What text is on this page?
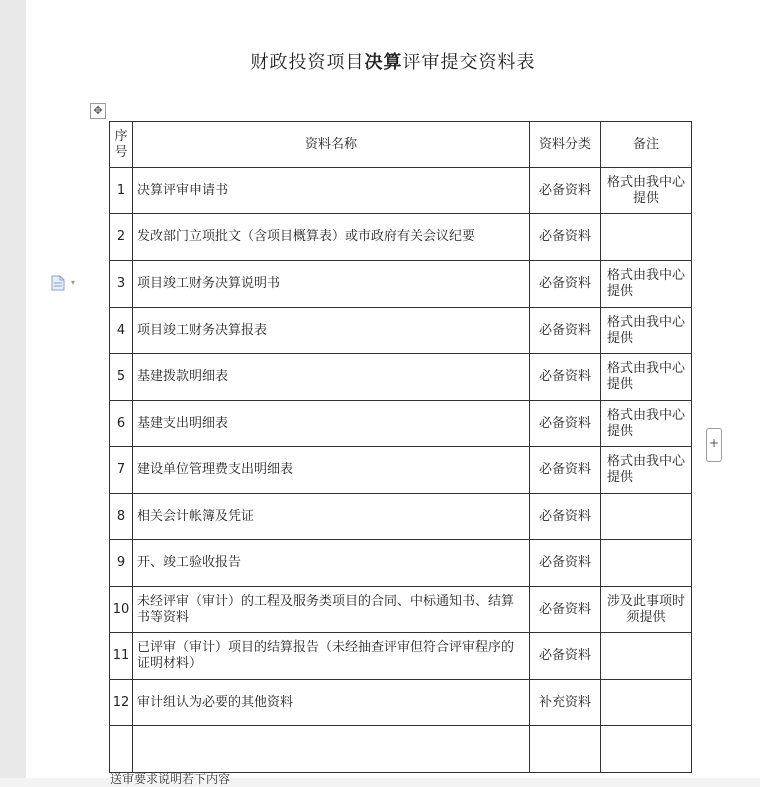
财政投资项目决算评审提交资料表
✥
▾
序号	资料名称	资料分类	备注
1	决算评审申请书	必备资料	格式由我中心提供
2	发改部门立项批文（含项目概算表）或市政府有关会议纪要	必备资料	
3	项目竣工财务决算说明书	必备资料	格式由我中心提供
4	项目竣工财务决算报表	必备资料	格式由我中心提供
5	基建拨款明细表	必备资料	格式由我中心提供
6	基建支出明细表	必备资料	格式由我中心提供
7	建设单位管理费支出明细表	必备资料	格式由我中心提供
8	相关会计帐簿及凭证	必备资料	
9	开、竣工验收报告	必备资料	
10	未经评审（审计）的工程及服务类项目的合同、中标通知书、结算书等资料	必备资料	涉及此事项时须提供
11	已评审（审计）项目的结算报告（未经抽查评审但符合评审程序的证明材料）	必备资料	
12	审计组认为必要的其他资料	补充资料	

+
送审要求说明若下内容
